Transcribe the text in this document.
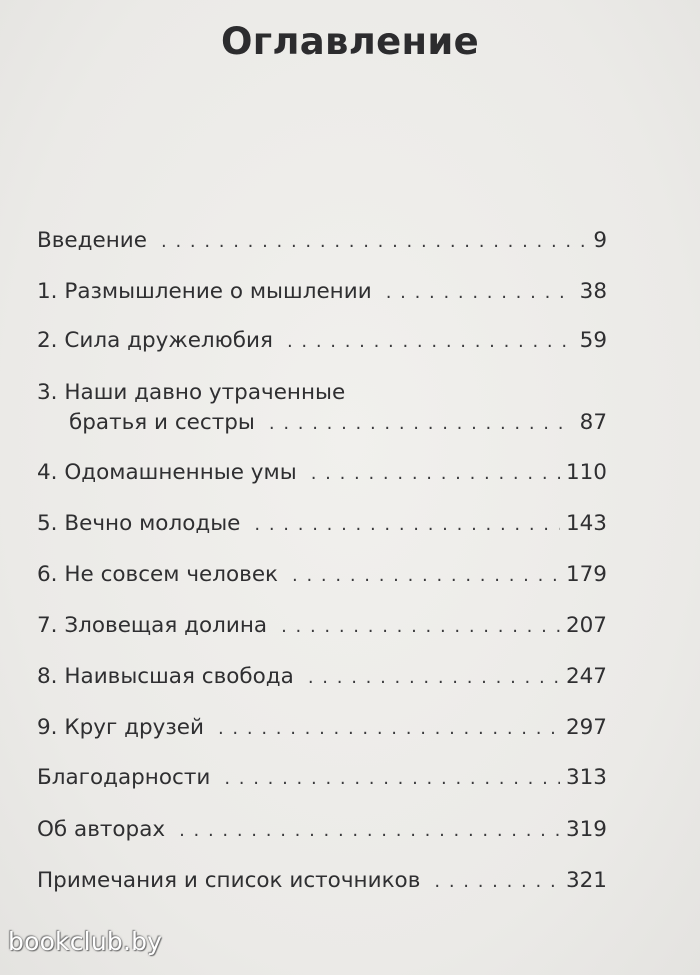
Оглавление
Введение . . .	9
1. Размышление о мышлении . . .	38
2. Сила дружелюбия . . .	59
3. Наши давно утраченные
братья и сестры . . .	87
4. Одомашненные умы . . .	110
5. Вечно молодые . . .	143
6. Не совсем человек . . .	179
7. Зловещая долина . . .	207
8. Наивысшая свобода . . .	247
9. Круг друзей . . .	297
Благодарности . . .	313
Об авторах . . .	319
Примечания и список источников . . .	321
bookclub.by
